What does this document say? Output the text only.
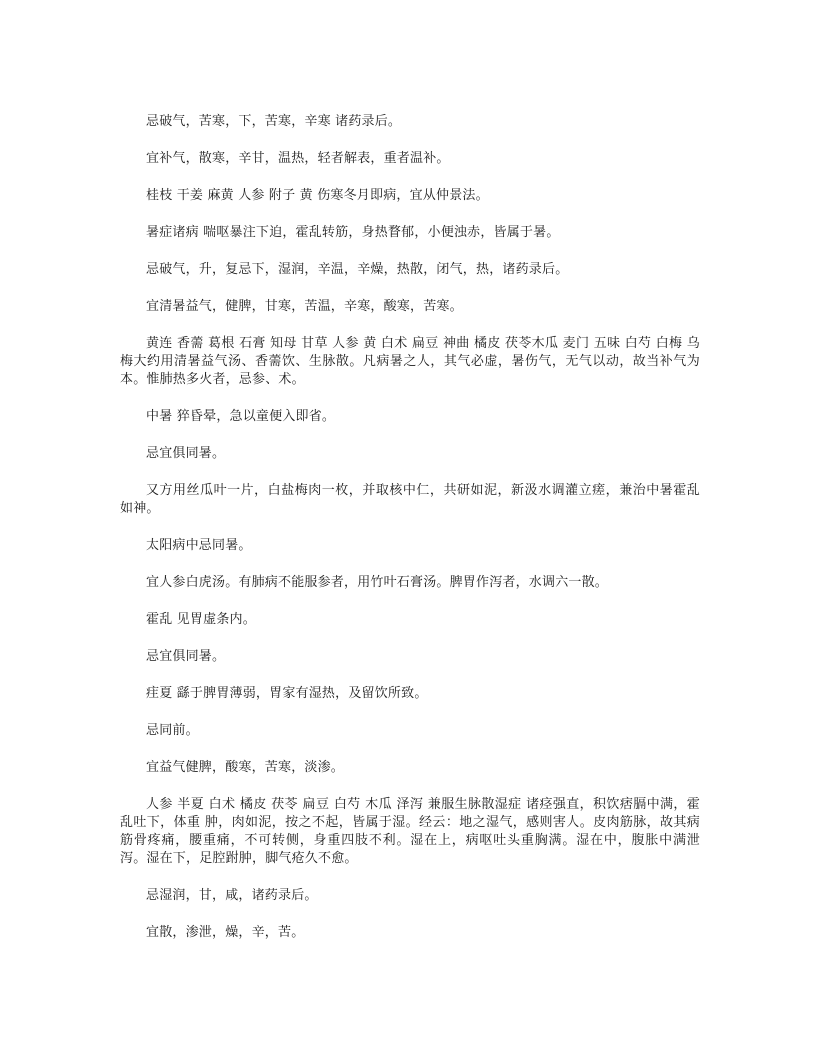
忌破气，苦寒，下，苦寒，辛寒 诸药录后。

宜补气，散寒，辛甘，温热，轻者解表，重者温补。

桂枝 干姜 麻黄 人参 附子 黄 伤寒冬月即病，宜从仲景法。

暑症诸病 喘呕暴注下迫，霍乱转筋，身热瞀郁，小便浊赤，皆属于暑。

忌破气，升，复忌下，湿润，辛温，辛燥，热散，闭气，热，诸药录后。

宜清暑益气，健脾，甘寒，苦温，辛寒，酸寒，苦寒。

黄连 香薷 葛根 石膏 知母 甘草 人参 黄 白术 扁豆 神曲 橘皮 茯苓木瓜 麦门 五味 白芍 白梅 乌梅大约用清暑益气汤、香薷饮、生脉散。凡病暑之人，其气必虚，暑伤气，无气以动，故当补气为本。惟肺热多火者，忌参、术。

中暑 猝昏晕，急以童便入即省。

忌宜俱同暑。

又方用丝瓜叶一片，白盐梅肉一枚，并取核中仁，共研如泥，新汲水调灌立瘥，兼治中暑霍乱如神。

太阳病中忌同暑。

宜人参白虎汤。有肺病不能服参者，用竹叶石膏汤。脾胃作泻者，水调六一散。

霍乱 见胃虚条内。

忌宜俱同暑。

疰夏 繇于脾胃薄弱，胃家有湿热，及留饮所致。

忌同前。

宜益气健脾，酸寒，苦寒，淡渗。

人参 半夏 白术 橘皮 茯苓 扁豆 白芍 木瓜 泽泻 兼服生脉散湿症 诸痉强直，积饮痞膈中满，霍乱吐下，体重 肿，肉如泥，按之不起，皆属于湿。经云：地之湿气，感则害人。皮肉筋脉，故其病筋骨疼痛，腰重痛，不可转侧，身重四肢不利。湿在上，病呕吐头重胸满。湿在中，腹胀中满泄泻。湿在下，足腔跗肿，脚气疮久不愈。

忌湿润，甘，咸，诸药录后。

宜散，渗泄，燥，辛，苦。
